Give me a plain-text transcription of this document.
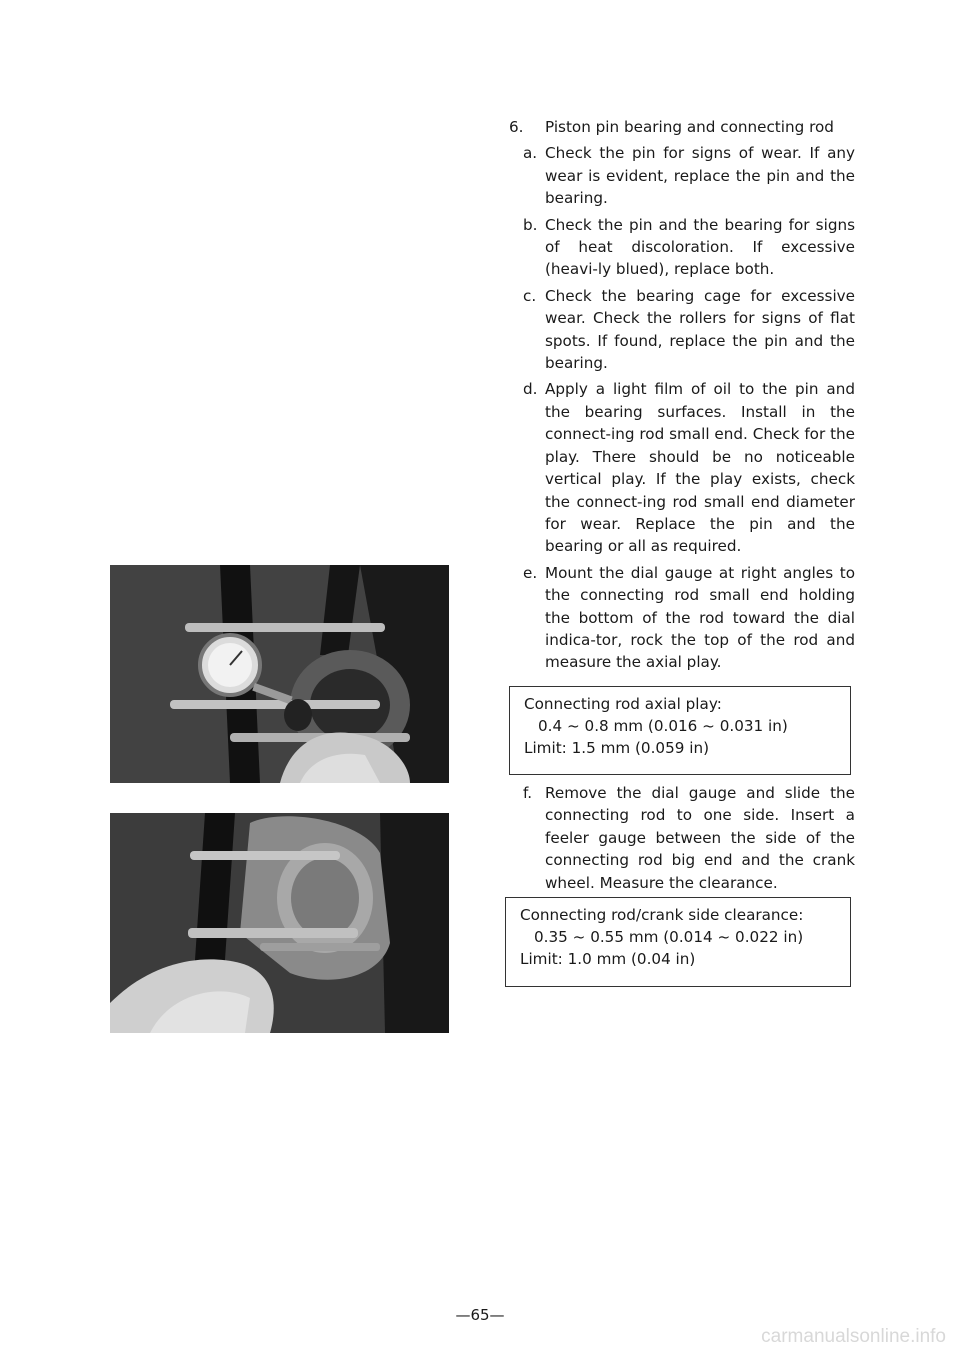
6. Piston pin bearing and connecting rod
a. Check the pin for signs of wear. If any wear is evident, replace the pin and the bearing.
b. Check the pin and the bearing for signs of heat discoloration. If excessive (heavi-ly blued), replace both.
c. Check the bearing cage for excessive wear. Check the rollers for signs of flat spots. If found, replace the pin and the bearing.
d. Apply a light film of oil to the pin and the bearing surfaces. Install in the connect-ing rod small end. Check for the play. There should be no noticeable vertical play. If the play exists, check the connect-ing rod small end diameter for wear. Replace the pin and the bearing or all as required.
e. Mount the dial gauge at right angles to the connecting rod small end holding the bottom of the rod toward the dial indica-tor, rock the top of the rod and measure the axial play.
Connecting rod axial play:
0.4 ~ 0.8 mm (0.016 ~ 0.031 in)
Limit: 1.5 mm (0.059 in)
f. Remove the dial gauge and slide the connecting rod to one side. Insert a feeler gauge between the side of the connecting rod big end and the crank wheel. Measure the clearance.
Connecting rod/crank side clearance:
0.35 ~ 0.55 mm (0.014 ~ 0.022 in)
Limit: 1.0 mm (0.04 in)
—65—
carmanualsonline.info
